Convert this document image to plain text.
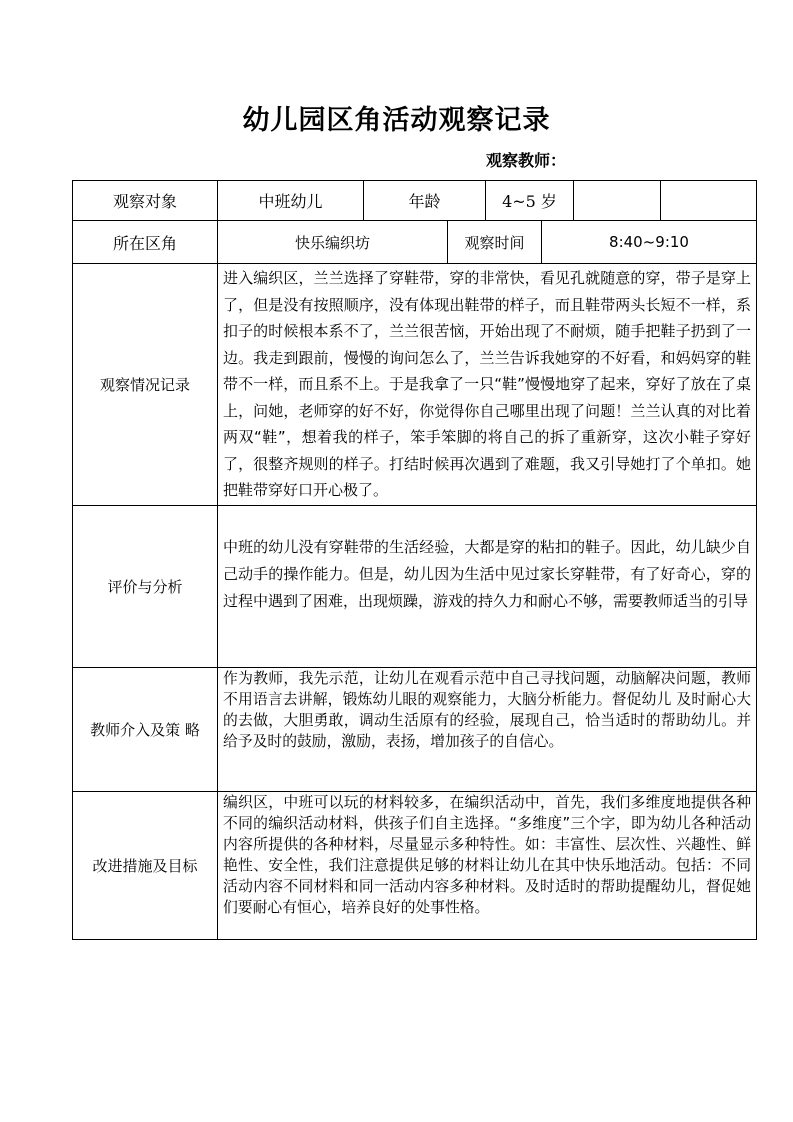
幼儿园区角活动观察记录
观察教师：
观察对象	中班幼儿	年龄	4~5 岁
所在区角	快乐编织坊	观察时间	8:40~9:10
观察情况记录
进入编织区，兰兰选择了穿鞋带，穿的非常快，看见孔就随意的穿，带子是穿上了，但是没有按照顺序，没有体现出鞋带的样子，而且鞋带两头长短不一样，系扣子的时候根本系不了，兰兰很苦恼，开始出现了不耐烦，随手把鞋子扔到了一边。我走到跟前，慢慢的询问怎么了，兰兰告诉我她穿的不好看，和妈妈穿的鞋带不一样，而且系不上。于是我拿了一只“鞋”慢慢地穿了起来，穿好了放在了桌上，问她，老师穿的好不好，你觉得你自己哪里出现了问题！兰兰认真的对比着两双“鞋”，想着我的样子，笨手笨脚的将自己的拆了重新穿，这次小鞋子穿好了，很整齐规则的样子。打结时候再次遇到了难题，我又引导她打了个单扣。她把鞋带穿好口开心极了。
评价与分析
中班的幼儿没有穿鞋带的生活经验，大都是穿的粘扣的鞋子。因此，幼儿缺少自己动手的操作能力。但是，幼儿因为生活中见过家长穿鞋带，有了好奇心，穿的过程中遇到了困难，出现烦躁，游戏的持久力和耐心不够，需要教师适当的引导
教师介入及策 略
作为教师，我先示范，让幼儿在观看示范中自己寻找问题，动脑解决问题，教师不用语言去讲解，锻炼幼儿眼的观察能力，大脑分析能力。督促幼儿 及时耐心大的去做，大胆勇敢，调动生活原有的经验，展现自己，恰当适时的帮助幼儿。并给予及时的鼓励，激励，表扬，增加孩子的自信心。
改进措施及目标
编织区，中班可以玩的材料较多，在编织活动中，首先，我们多维度地提供各种不同的编织活动材料，供孩子们自主选择。“多维度”三个字，即为幼儿各种活动内容所提供的各种材料，尽量显示多种特性。如：丰富性、层次性、兴趣性、鲜艳性、安全性，我们注意提供足够的材料让幼儿在其中快乐地活动。包括：不同活动内容不同材料和同一活动内容多种材料。及时适时的帮助提醒幼儿，督促她们要耐心有恒心，培养良好的处事性格。
